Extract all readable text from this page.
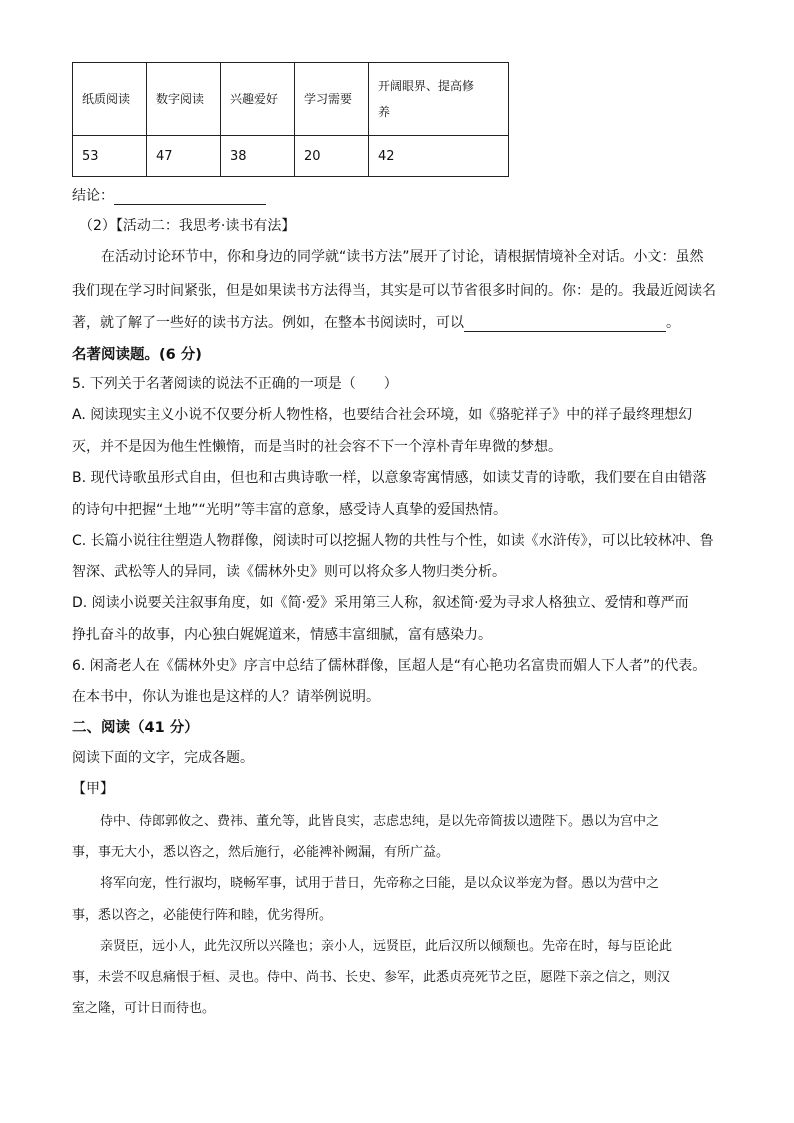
纸质阅读	数字阅读	兴趣爱好	学习需要	开阔眼界、提高修
养
53	47	38	20	42
结论：
（2）【活动二：我思考·读书有法】
在活动讨论环节中，你和身边的同学就“读书方法”展开了讨论，请根据情境补全对话。小文：虽然
我们现在学习时间紧张，但是如果读书方法得当，其实是可以节省很多时间的。你：是的。我最近阅读名
著，就了解了一些好的读书方法。例如，在整本书阅读时，可以	。
名著阅读题。(6 分)
5. 下列关于名著阅读的说法不正确的一项是（　　）
A. 阅读现实主义小说不仅要分析人物性格，也要结合社会环境，如《骆驼祥子》中的祥子最终理想幻
灭，并不是因为他生性懒惰，而是当时的社会容不下一个淳朴青年卑微的梦想。
B. 现代诗歌虽形式自由，但也和古典诗歌一样，以意象寄寓情感，如读艾青的诗歌，我们要在自由错落
的诗句中把握“土地”“光明”等丰富的意象，感受诗人真挚的爱国热情。
C. 长篇小说往往塑造人物群像，阅读时可以挖掘人物的共性与个性，如读《水浒传》，可以比较林冲、鲁
智深、武松等人的异同，读《儒林外史》则可以将众多人物归类分析。
D. 阅读小说要关注叙事角度，如《简·爱》采用第三人称，叙述简·爱为寻求人格独立、爱情和尊严而
挣扎奋斗的故事，内心独白娓娓道来，情感丰富细腻，富有感染力。
6. 闲斋老人在《儒林外史》序言中总结了儒林群像，匡超人是“有心艳功名富贵而媚人下人者”的代表。
在本书中，你认为谁也是这样的人？请举例说明。
二、阅读（41 分）
阅读下面的文字，完成各题。
【甲】
侍中、侍郎郭攸之、费祎、董允等，此皆良实，志虑忠纯，是以先帝简拔以遗陛下。愚以为宫中之
事，事无大小，悉以咨之，然后施行，必能裨补阙漏，有所广益。
将军向宠，性行淑均，晓畅军事，试用于昔日，先帝称之曰能，是以众议举宠为督。愚以为营中之
事，悉以咨之，必能使行阵和睦，优劣得所。
亲贤臣，远小人，此先汉所以兴隆也；亲小人，远贤臣，此后汉所以倾颓也。先帝在时，每与臣论此
事，未尝不叹息痛恨于桓、灵也。侍中、尚书、长史、参军，此悉贞亮死节之臣，愿陛下亲之信之，则汉
室之隆，可计日而待也。
